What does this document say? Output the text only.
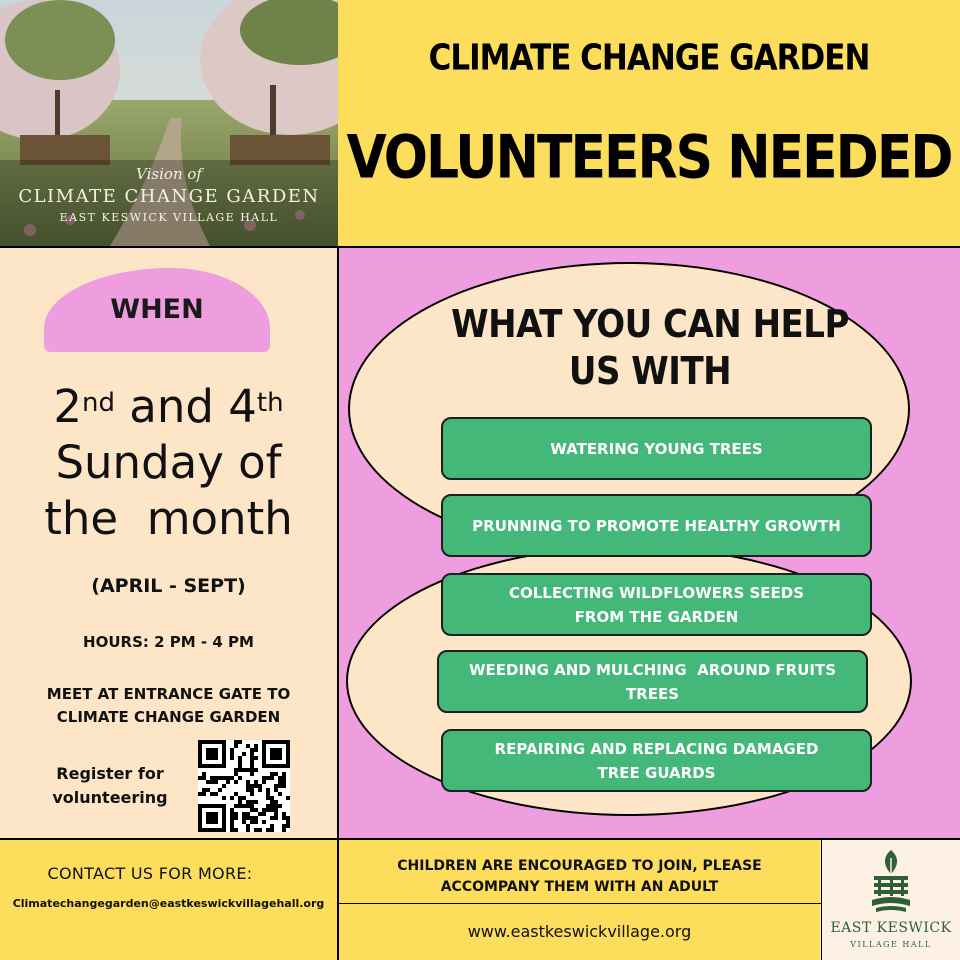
Vision of
CLIMATE CHANGE GARDEN
EAST KESWICK VILLAGE HALL
CLIMATE CHANGE GARDEN
VOLUNTEERS NEEDED
WHEN
2nd and 4th
Sunday of
the  month
(APRIL - SEPT)
HOURS: 2 PM - 4 PM
MEET AT ENTRANCE GATE TO
CLIMATE CHANGE GARDEN
Register for
volunteering
WHAT YOU CAN HELP
US WITH
WATERING YOUNG TREES
PRUNNING TO PROMOTE HEALTHY GROWTH
COLLECTING WILDFLOWERS SEEDS
FROM THE GARDEN
WEEDING AND MULCHING  AROUND FRUITS
TREES
REPAIRING AND REPLACING DAMAGED
TREE GUARDS
CONTACT US FOR MORE:
Climatechangegarden@eastkeswickvillagehall.org
CHILDREN ARE ENCOURAGED TO JOIN, PLEASE
ACCOMPANY THEM WITH AN ADULT
www.eastkeswickvillage.org	EAST KESWICK
VILLAGE HALL
